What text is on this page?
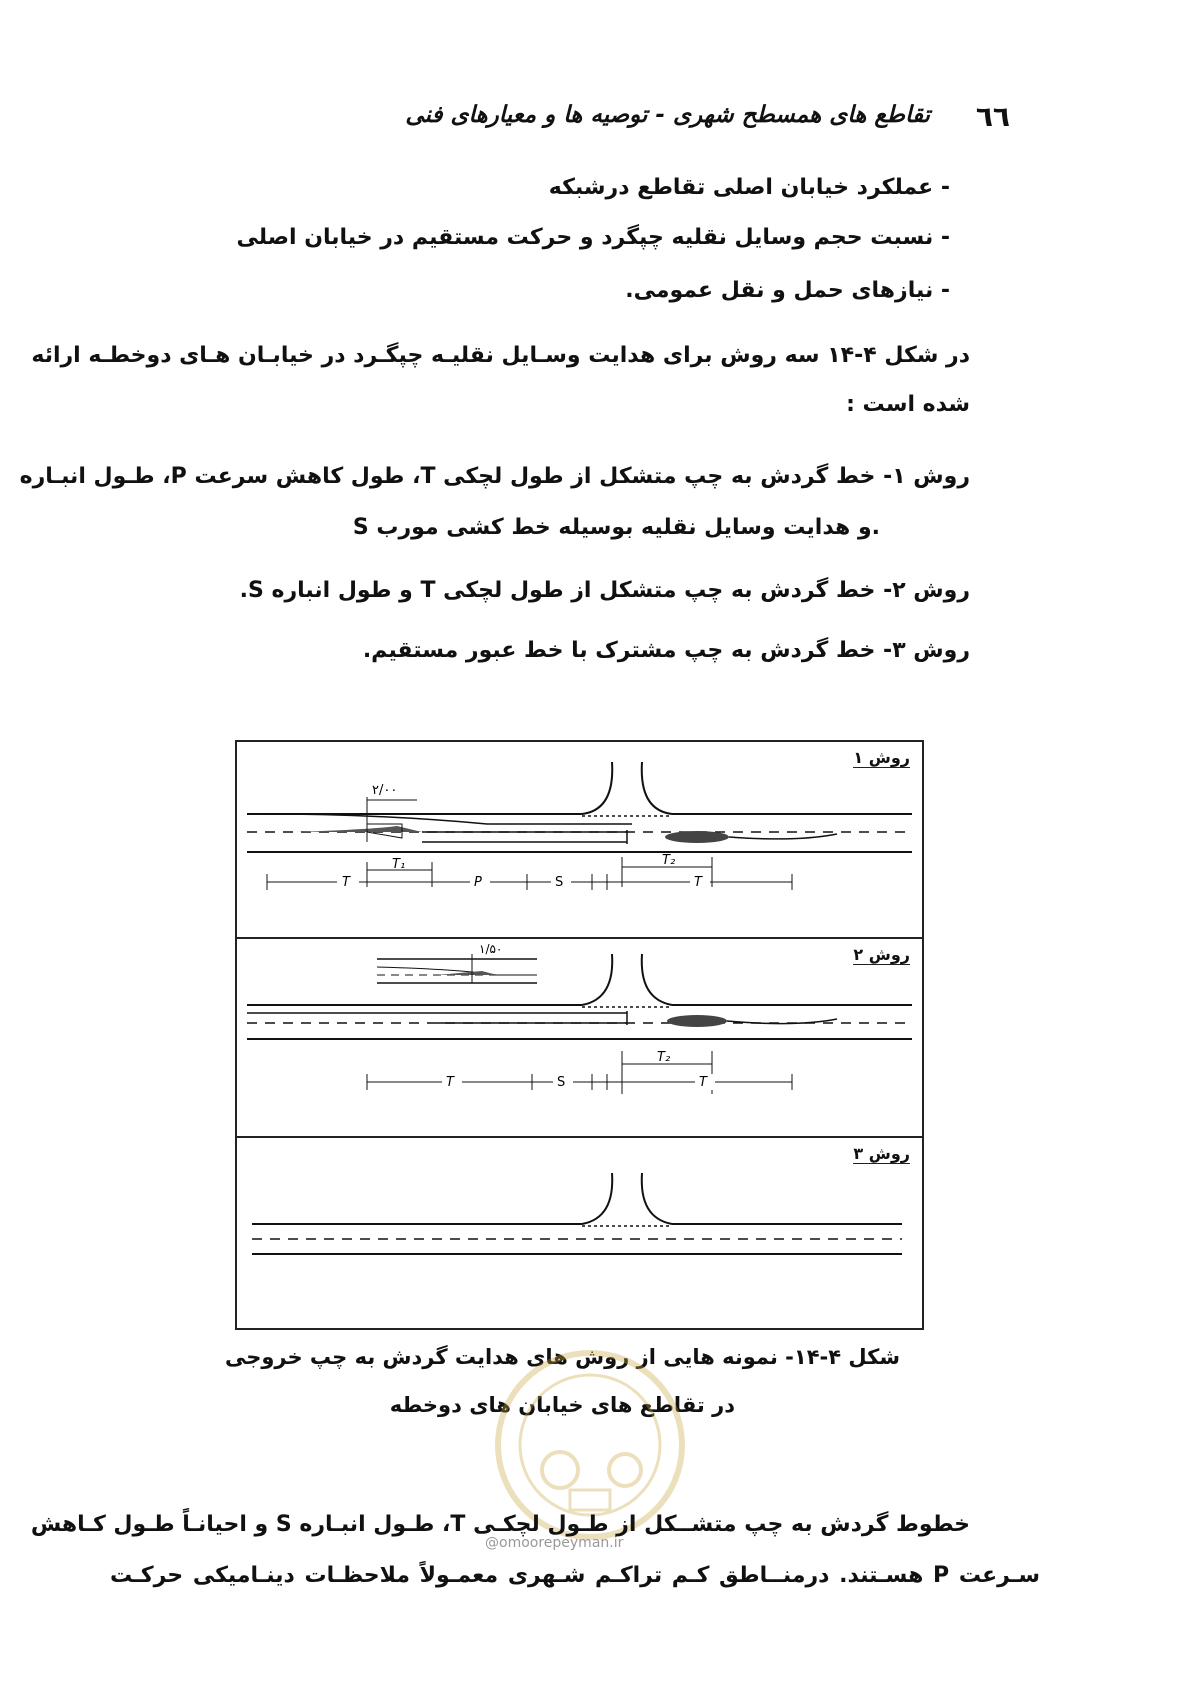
٦٦
تقاطع های همسطح شهری - توصیه ها و معیارهای فنی
- عملکرد خیابان اصلی تقاطع درشبکه
- نسبت حجم وسایل نقلیه چپگرد و حرکت مستقیم در خیابان اصلی
- نیازهای حمل و نقل عمومی.
در شکل ۴-۱۴ سه روش برای هدایت وسـایل نقلیـه چپگـرد در خیابـان هـای دوخطـه ارائه
شده است :
روش ۱- خط گردش به چپ متشکل از طول لچکی T، طول کاهش سرعت P، طـول انبـاره
S و هدایت وسایل نقلیه بوسیله خط کشی مورب.
روش ۲- خط گردش به چپ متشکل از طول لچکی T و طول انباره S.
روش ۳- خط گردش به چپ مشترک با خط عبور مستقیم.
روش ۱
۲/۰۰
T₁	T₂
T	P	S	T
روش ۲
۱/۵۰
T₂
T	S	T
روش ۳
شکل ۴-۱۴- نمونه هایی از روش های هدایت گردش به چپ خروجی
در تقاطع های خیابان های دوخطه
@omoorepeyman.ir
خطوط گردش به چپ متشــکل از طـول لچکـی T، طـول انبـاره S و احیانـاً طـول کـاهش
سـرعت P هسـتند. درمنــاطق کـم تراکـم شـهری معمـولاً ملاحظـات دینـامیکی حرکـت
